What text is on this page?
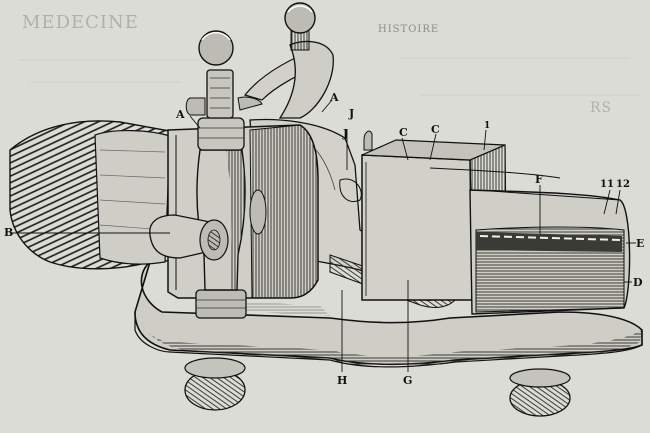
HISTOIRE
MEDECINE
RS
A
A
J
J	C C	1
F	11 12
B
E
D
H	G
